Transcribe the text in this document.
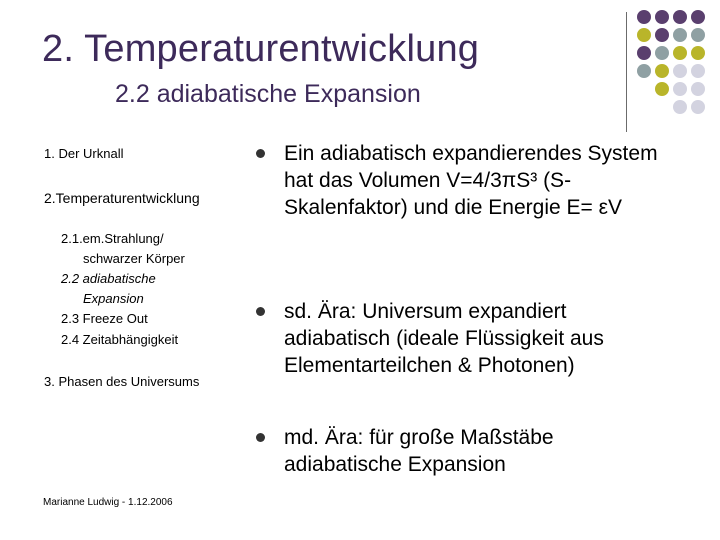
2. Temperaturentwicklung
2.2 adiabatische Expansion
1. Der Urknall
2.Temperaturentwicklung
2.1.em.Strahlung/
schwarzer Körper
2.2 adiabatische
Expansion
2.3 Freeze Out
2.4 Zeitabhängigkeit
3. Phasen des Universums
Ein adiabatisch expandierendes System hat das Volumen V=4/3πS³ (S-Skalenfaktor) und die Energie E= εV
sd. Ära: Universum expandiert adiabatisch (ideale Flüssigkeit aus Elementarteilchen & Photonen)
md. Ära: für große Maßstäbe adiabatische Expansion
Marianne Ludwig - 1.12.2006
